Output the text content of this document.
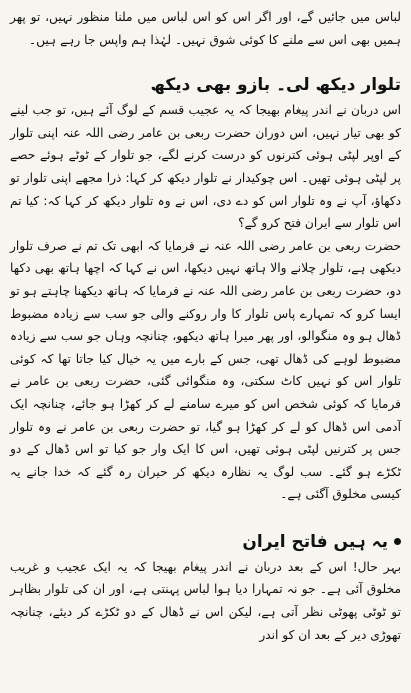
لباس میں جائیں گے، اور اگر اس کو اس لباس میں ملنا منظور نہیں، تو پھر ہمیں بھی اس سے ملنے کا کوئی شوق نہیں۔ لہٰذا ہم واپس جا رہے ہیں۔

تلوار دیکھ لی۔ بازو بھی دیکھ

اس دربان نے اندر پیغام بھیجا کہ یہ عجیب قسم کے لوگ آئے ہیں، تو جب لینے کو بھی تیار نہیں، اس دوران حضرت ربعی بن عامر رضی اللہ عنہ اپنی تلوار کے اوپر لپٹی ہوئی کترنوں کو درست کرنے لگے، جو تلوار کے ٹوٹے ہوئے حصے پر لپٹی ہوئی تھیں۔ اس چوکیدار نے تلوار دیکھ کر کہا: ذرا مجھے اپنی تلوار تو دکھاؤ، آپ نے وہ تلوار اس کو دے دی، اس نے وہ تلوار دیکھ کر کہا کہ: کیا تم اس تلوار سے ایران فتح کرو گے؟

حضرت ربعی بن عامر رضی اللہ عنہ نے فرمایا کہ ابھی تک تم نے صرف تلوار دیکھی ہے، تلوار چلانے والا ہاتھ نہیں دیکھا، اس نے کہا کہ اچھا ہاتھ بھی دکھا دو، حضرت ربعی بن عامر رضی اللہ عنہ نے فرمایا کہ ہاتھ دیکھنا چاہتے ہو تو ایسا کرو کہ تمہارے پاس تلوار کا وار روکنے والی جو سب سے زیادہ مضبوط ڈھال ہو وہ منگوالو، اور پھر میرا ہاتھ دیکھو، چنانچہ وہاں جو سب سے زیادہ مضبوط لوہے کی ڈھال تھی، جس کے بارے میں یہ خیال کیا جاتا تھا کہ کوئی تلوار اس کو نہیں کاٹ سکتی، وہ منگوائی گئی، حضرت ربعی بن عامر نے فرمایا کہ کوئی شخص اس کو میرے سامنے لے کر کھڑا ہو جائے، چنانچہ ایک آدمی اس ڈھال کو لے کر کھڑا ہو گیا، تو حضرت ربعی بن عامر نے وہ تلوار جس پر کترنیں لپٹی ہوئی تھیں، اس کا ایک وار جو کیا تو اس ڈھال کے دو ٹکڑے ہو گئے۔ سب لوگ یہ نظارہ دیکھ کر حیران رہ گئے کہ خدا جانے یہ کیسی مخلوق آگئی ہے۔

یہ ہیں فاتح ایران

بہر حال! اس کے بعد دربان نے اندر پیغام بھیجا کہ یہ ایک عجیب و غریب مخلوق آئی ہے۔ جو نہ تمہارا دیا ہوا لباس پہنتی ہے، اور ان کی تلوار بظاہر تو ٹوٹی پھوٹی نظر آتی ہے، لیکن اس نے ڈھال کے دو ٹکڑے کر دیئے، چنانچہ تھوڑی دیر کے بعد ان کو اندر
